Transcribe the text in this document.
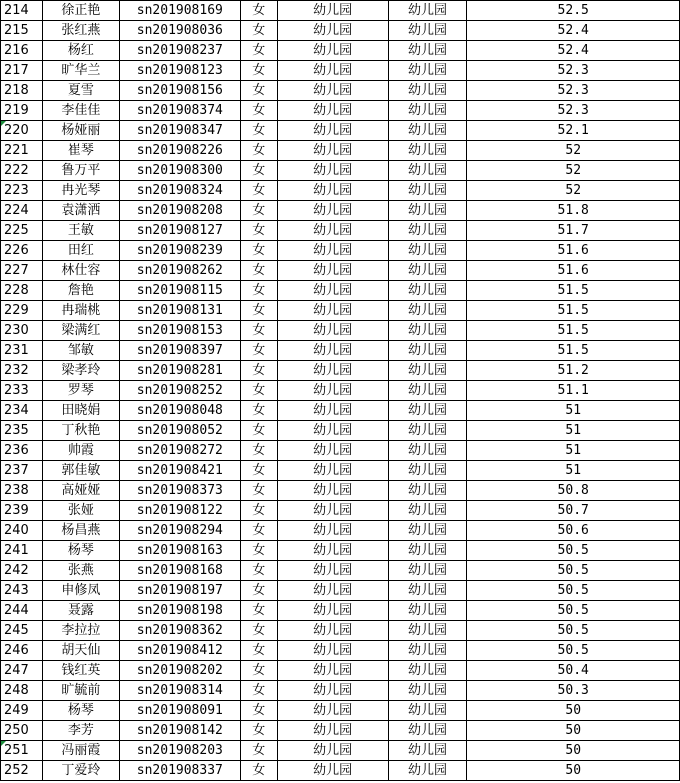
214	徐正艳	sn201908169	女	幼儿园	幼儿园	52.5
215	张红燕	sn201908036	女	幼儿园	幼儿园	52.4
216	杨红	sn201908237	女	幼儿园	幼儿园	52.4
217	旷华兰	sn201908123	女	幼儿园	幼儿园	52.3
218	夏雪	sn201908156	女	幼儿园	幼儿园	52.3
219	李佳佳	sn201908374	女	幼儿园	幼儿园	52.3
220	杨娅丽	sn201908347	女	幼儿园	幼儿园	52.1
221	崔琴	sn201908226	女	幼儿园	幼儿园	52
222	鲁万平	sn201908300	女	幼儿园	幼儿园	52
223	冉光琴	sn201908324	女	幼儿园	幼儿园	52
224	袁潇洒	sn201908208	女	幼儿园	幼儿园	51.8
225	王敏	sn201908127	女	幼儿园	幼儿园	51.7
226	田红	sn201908239	女	幼儿园	幼儿园	51.6
227	林仕容	sn201908262	女	幼儿园	幼儿园	51.6
228	詹艳	sn201908115	女	幼儿园	幼儿园	51.5
229	冉瑞桃	sn201908131	女	幼儿园	幼儿园	51.5
230	梁满红	sn201908153	女	幼儿园	幼儿园	51.5
231	邹敏	sn201908397	女	幼儿园	幼儿园	51.5
232	梁孝玲	sn201908281	女	幼儿园	幼儿园	51.2
233	罗琴	sn201908252	女	幼儿园	幼儿园	51.1
234	田晓娟	sn201908048	女	幼儿园	幼儿园	51
235	丁秋艳	sn201908052	女	幼儿园	幼儿园	51
236	帅霞	sn201908272	女	幼儿园	幼儿园	51
237	郭佳敏	sn201908421	女	幼儿园	幼儿园	51
238	高娅娅	sn201908373	女	幼儿园	幼儿园	50.8
239	张娅	sn201908122	女	幼儿园	幼儿园	50.7
240	杨昌燕	sn201908294	女	幼儿园	幼儿园	50.6
241	杨琴	sn201908163	女	幼儿园	幼儿园	50.5
242	张燕	sn201908168	女	幼儿园	幼儿园	50.5
243	申修凤	sn201908197	女	幼儿园	幼儿园	50.5
244	聂露	sn201908198	女	幼儿园	幼儿园	50.5
245	李拉拉	sn201908362	女	幼儿园	幼儿园	50.5
246	胡天仙	sn201908412	女	幼儿园	幼儿园	50.5
247	钱红英	sn201908202	女	幼儿园	幼儿园	50.4
248	旷毓前	sn201908314	女	幼儿园	幼儿园	50.3
249	杨琴	sn201908091	女	幼儿园	幼儿园	50
250	李芳	sn201908142	女	幼儿园	幼儿园	50
251	冯丽霞	sn201908203	女	幼儿园	幼儿园	50
252	丁爱玲	sn201908337	女	幼儿园	幼儿园	50
